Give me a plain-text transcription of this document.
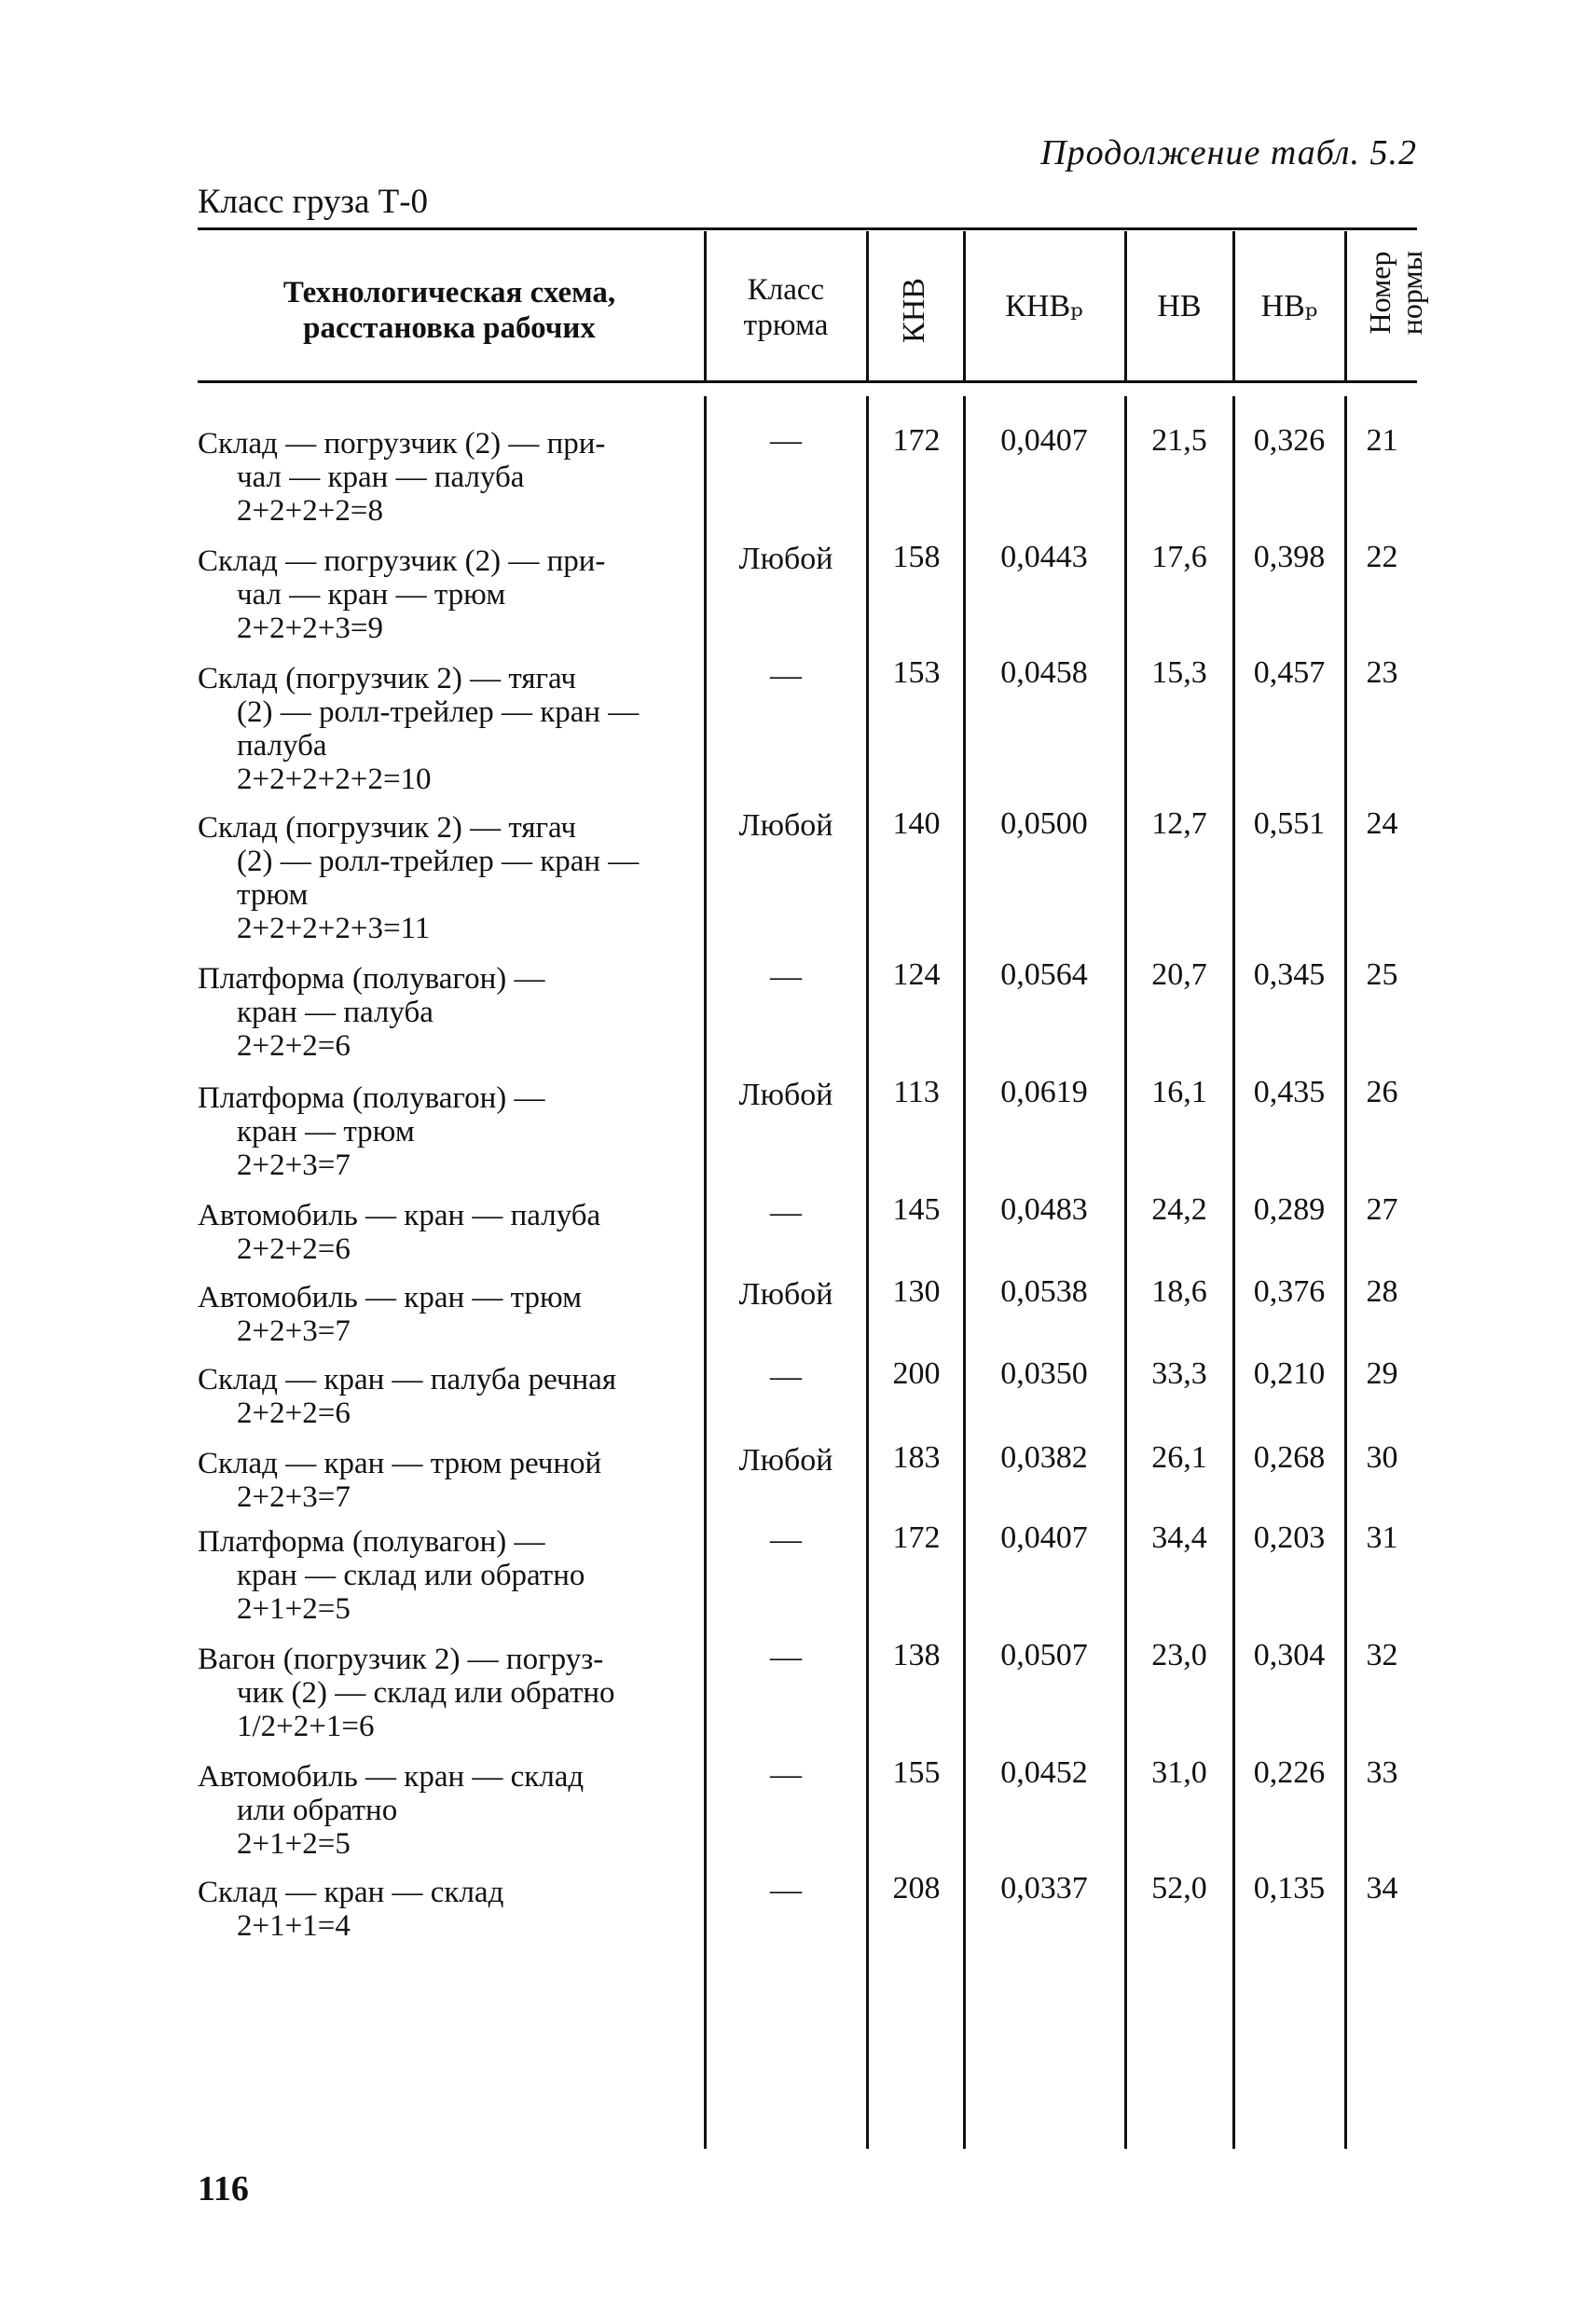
Продолжение табл. 5.2
Класс груза Т-0
Технологическая схема, расстановка рабочих
Класс трюма	КНВ	КНВₚ	НВ	НВₚ	Номер
нормы
Склад — погрузчик (2) — при-
чал — кран — палуба
2+2+2+2=8
—	172	0,0407	21,5	0,326	21
Склад — погрузчик (2) — при-
чал — кран — трюм
2+2+2+3=9
Любой	158	0,0443	17,6	0,398	22
Склад (погрузчик 2) — тягач
(2) — ролл-трейлер — кран —
палуба
2+2+2+2+2=10
—	153	0,0458	15,3	0,457	23
Склад (погрузчик 2) — тягач
(2) — ролл-трейлер — кран —
трюм
2+2+2+2+3=11
Любой	140	0,0500	12,7	0,551	24
Платформа (полувагон) —
кран — палуба
2+2+2=6
—	124	0,0564	20,7	0,345	25
Платформа (полувагон) —
кран — трюм
2+2+3=7
Любой	113	0,0619	16,1	0,435	26
Автомобиль — кран — палуба
2+2+2=6
—	145	0,0483	24,2	0,289	27
Автомобиль — кран — трюм
2+2+3=7
Любой	130	0,0538	18,6	0,376	28
Склад — кран — палуба речная
2+2+2=6
—	200	0,0350	33,3	0,210	29
Склад — кран — трюм речной
2+2+3=7
Любой	183	0,0382	26,1	0,268	30
Платформа (полувагон) —
кран — склад или обратно
2+1+2=5
—	172	0,0407	34,4	0,203	31
Вагон (погрузчик 2) — погруз-
чик (2) — склад или обратно
1/2+2+1=6
—	138	0,0507	23,0	0,304	32
Автомобиль — кран — склад
или обратно
2+1+2=5
—	155	0,0452	31,0	0,226	33
Склад — кран — склад
2+1+1=4
—	208	0,0337	52,0	0,135	34
116
